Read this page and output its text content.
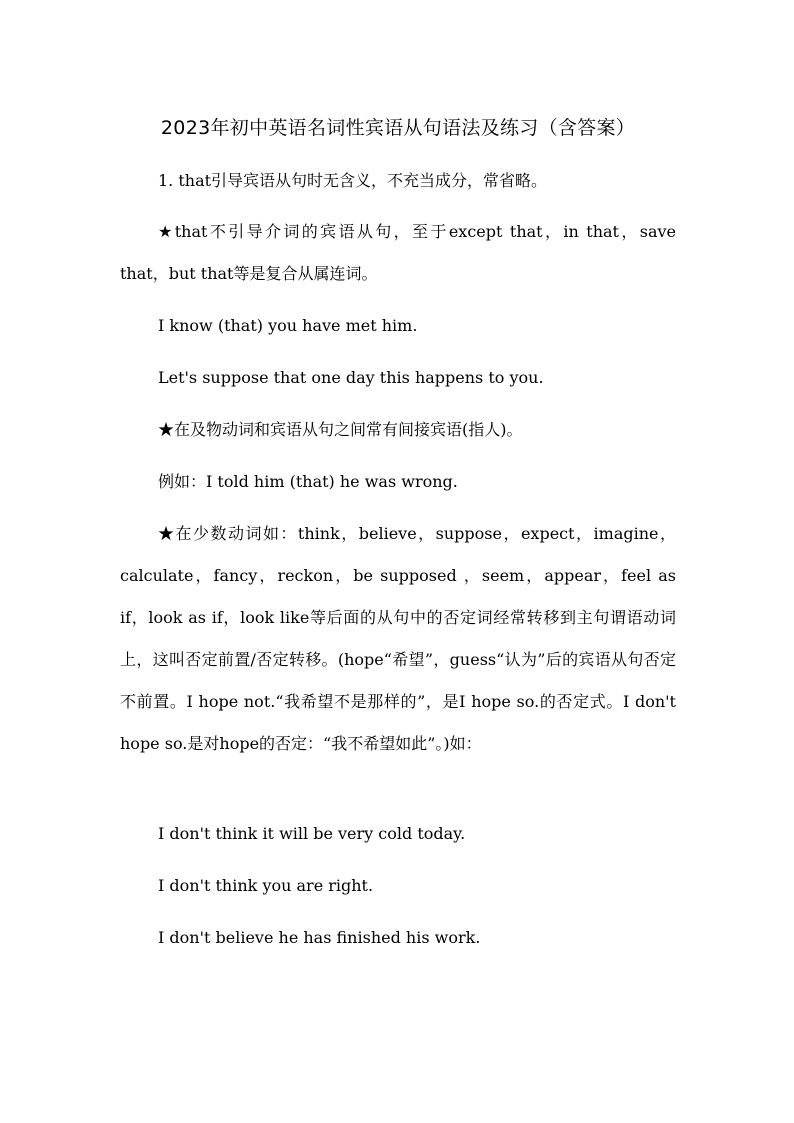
2023年初中英语名词性宾语从句语法及练习（含答案）

1. that引导宾语从句时无含义，不充当成分，常省略。

★that不引导介词的宾语从句，至于except that，in that，save that，but that等是复合从属连词。

I know (that) you have met him.

Let's suppose that one day this happens to you.

★在及物动词和宾语从句之间常有间接宾语(指人)。

例如：I told him (that) he was wrong.

★在少数动词如：think，believe，suppose，expect，imagine，calculate，fancy，reckon，be supposed ，seem，appear，feel as if，look as if，look like等后面的从句中的否定词经常转移到主句谓语动词上，这叫否定前置/否定转移。(hope“希望”，guess“认为”后的宾语从句否定不前置。I hope not.“我希望不是那样的”，是I hope so.的否定式。I don't hope so.是对hope的否定：“我不希望如此”。)如：

I don't think it will be very cold today.

I don't think you are right.

I don't believe he has finished his work.
